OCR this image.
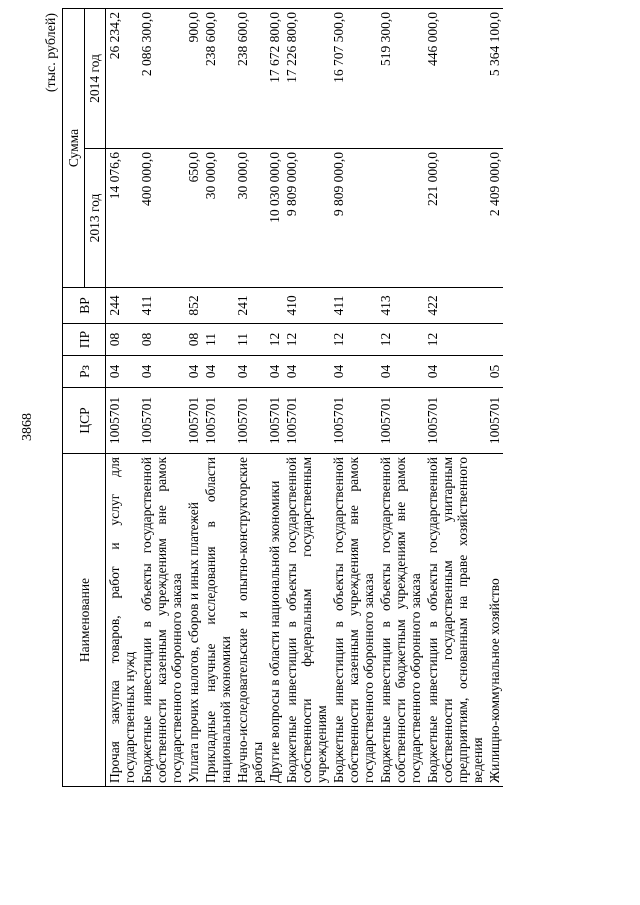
3868
(тыс. рублей)
Наименование	ЦСР	Рз	ПР	ВР	Сумма	
					2013 год	2014 год
Прочая закупка товаров, работ и услуг для государственных нужд	1005701	04	08	244	14 076,6	26 234,2
Бюджетные инвестиции в объекты государственной собственности казенным учреждениям вне рамок государственного оборонного заказа	1005701	04	08	411	400 000,0	2 086 300,0
Уплата прочих налогов, сборов и иных платежей	1005701	04	08	852	650,0	900,0
Прикладные научные исследования в области национальной экономики	1005701	04	11		30 000,0	238 600,0
Научно-исследовательские и опытно-конструкторские работы	1005701	04	11	241	30 000,0	238 600,0
Другие вопросы в области национальной экономики	1005701	04	12		10 030 000,0	17 672 800,0
Бюджетные инвестиции в объекты государственной собственности федеральным государственным учреждениям	1005701	04	12	410	9 809 000,0	17 226 800,0
Бюджетные инвестиции в объекты государственной собственности казенным учреждениям вне рамок государственного оборонного заказа	1005701	04	12	411	9 809 000,0	16 707 500,0
Бюджетные инвестиции в объекты государственной собственности бюджетным учреждениям вне рамок государственного оборонного заказа	1005701	04	12	413		519 300,0
Бюджетные инвестиции в объекты государственной собственности государственным унитарным предприятиям, основанным на праве хозяйственного ведения	1005701	04	12	422	221 000,0	446 000,0
Жилищно-коммунальное хозяйство	1005701	05			2 409 000,0	5 364 100,0
